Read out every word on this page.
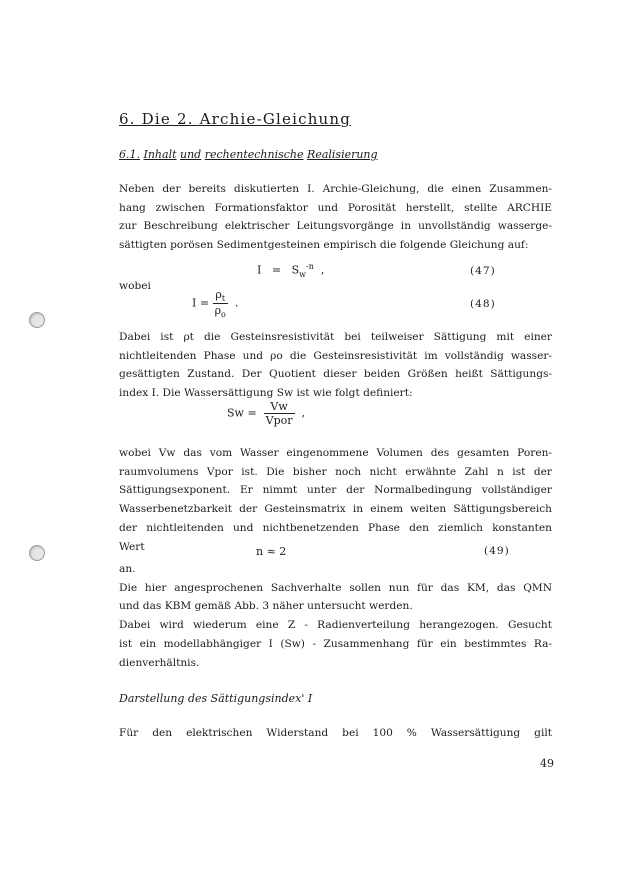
6. Die 2. Archie-Gleichung
6.1. Inhalt und rechentechnische Realisierung
Neben der bereits diskutierten I. Archie-Gleichung, die einen Zusammen-
hang zwischen Formationsfaktor und Porosität herstellt, stellte ARCHIE
zur Beschreibung elektrischer Leitungsvorgänge in unvollständig wasserge-
sättigten porösen Sedimentgesteinen empirisch die folgende Gleichung auf:
$I = S_w^{-n}$ ,	(47)
wobei
$I = \frac{\rho_t}{\rho_o}$ .	(48)
Dabei ist ρt die Gesteinsresistivität bei teilweiser Sättigung mit einer
nichtleitenden Phase und ρo die Gesteinsresistivität im vollständig wasser-
gesättigten Zustand. Der Quotient dieser beiden Größen heißt Sättigungs-
index I. Die Wassersättigung Sw ist wie folgt definiert:
$Sw = \frac{Vw}{\text{Vpor}}$ ,
wobei Vw das vom Wasser eingenommene Volumen des gesamten Poren-
raumvolumens Vpor ist. Die bisher noch nicht erwähnte Zahl n ist der
Sättigungsexponent. Er nimmt unter der Normalbedingung vollständiger
Wasserbenetzbarkeit der Gesteinsmatrix in einem weiten Sättigungsbereich
der nichtleitenden und nichtbenetzenden Phase den ziemlich konstanten
Wert	n ≈ 2	(49)
an.
Die hier angesprochenen Sachverhalte sollen nun für das KM, das QMN
und das KBM gemäß Abb. 3 näher untersucht werden.
Dabei wird wiederum eine Z - Radienverteilung herangezogen. Gesucht
ist ein modellabhängiger I (Sw) - Zusammenhang für ein bestimmtes Ra-
dienverhältnis.
Darstellung des Sättigungsindex' I
Für den elektrischen Widerstand bei 100 % Wassersättigung gilt
49
